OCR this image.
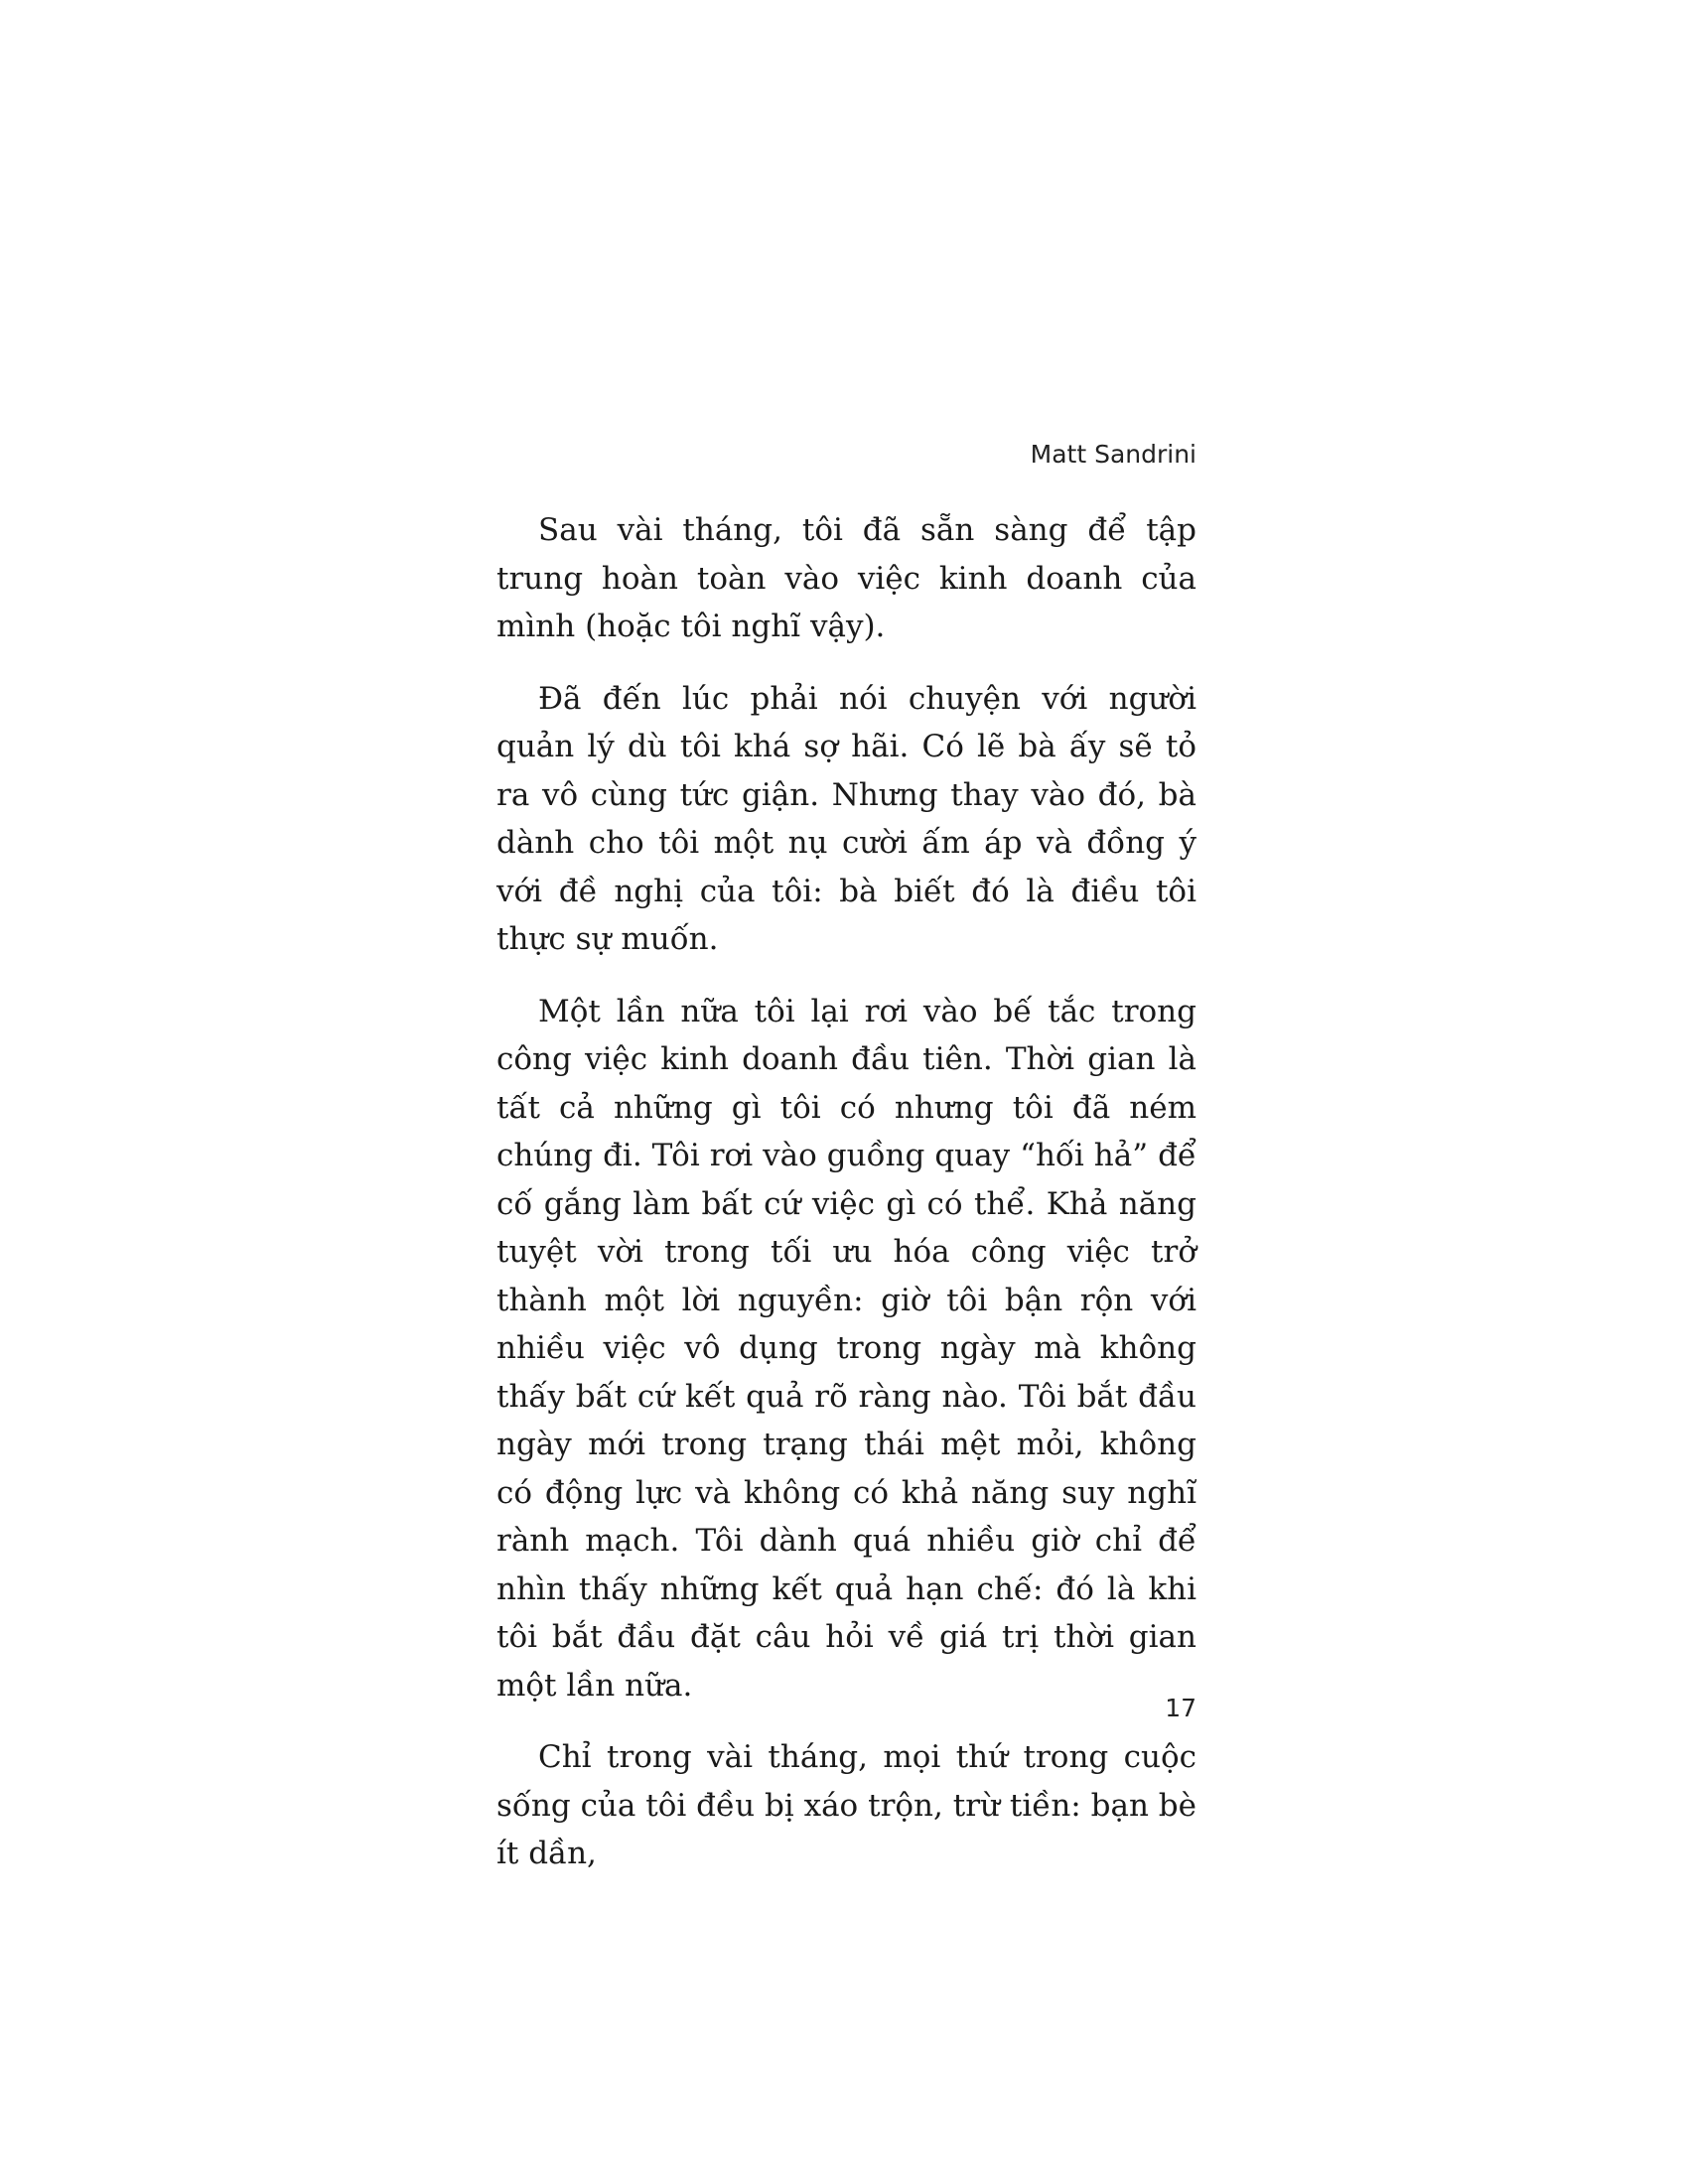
Matt Sandrini

Sau vài tháng, tôi đã sẵn sàng để tập trung hoàn toàn vào việc kinh doanh của mình (hoặc tôi nghĩ vậy).

Đã đến lúc phải nói chuyện với người quản lý dù tôi khá sợ hãi. Có lẽ bà ấy sẽ tỏ ra vô cùng tức giận. Nhưng thay vào đó, bà dành cho tôi một nụ cười ấm áp và đồng ý với đề nghị của tôi: bà biết đó là điều tôi thực sự muốn.

Một lần nữa tôi lại rơi vào bế tắc trong công việc kinh doanh đầu tiên. Thời gian là tất cả những gì tôi có nhưng tôi đã ném chúng đi. Tôi rơi vào guồng quay “hối hả” để cố gắng làm bất cứ việc gì có thể. Khả năng tuyệt vời trong tối ưu hóa công việc trở thành một lời nguyền: giờ tôi bận rộn với nhiều việc vô dụng trong ngày mà không thấy bất cứ kết quả rõ ràng nào. Tôi bắt đầu ngày mới trong trạng thái mệt mỏi, không có động lực và không có khả năng suy nghĩ rành mạch. Tôi dành quá nhiều giờ chỉ để nhìn thấy những kết quả hạn chế: đó là khi tôi bắt đầu đặt câu hỏi về giá trị thời gian một lần nữa.

Chỉ trong vài tháng, mọi thứ trong cuộc sống của tôi đều bị xáo trộn, trừ tiền: bạn bè ít dần,

17
